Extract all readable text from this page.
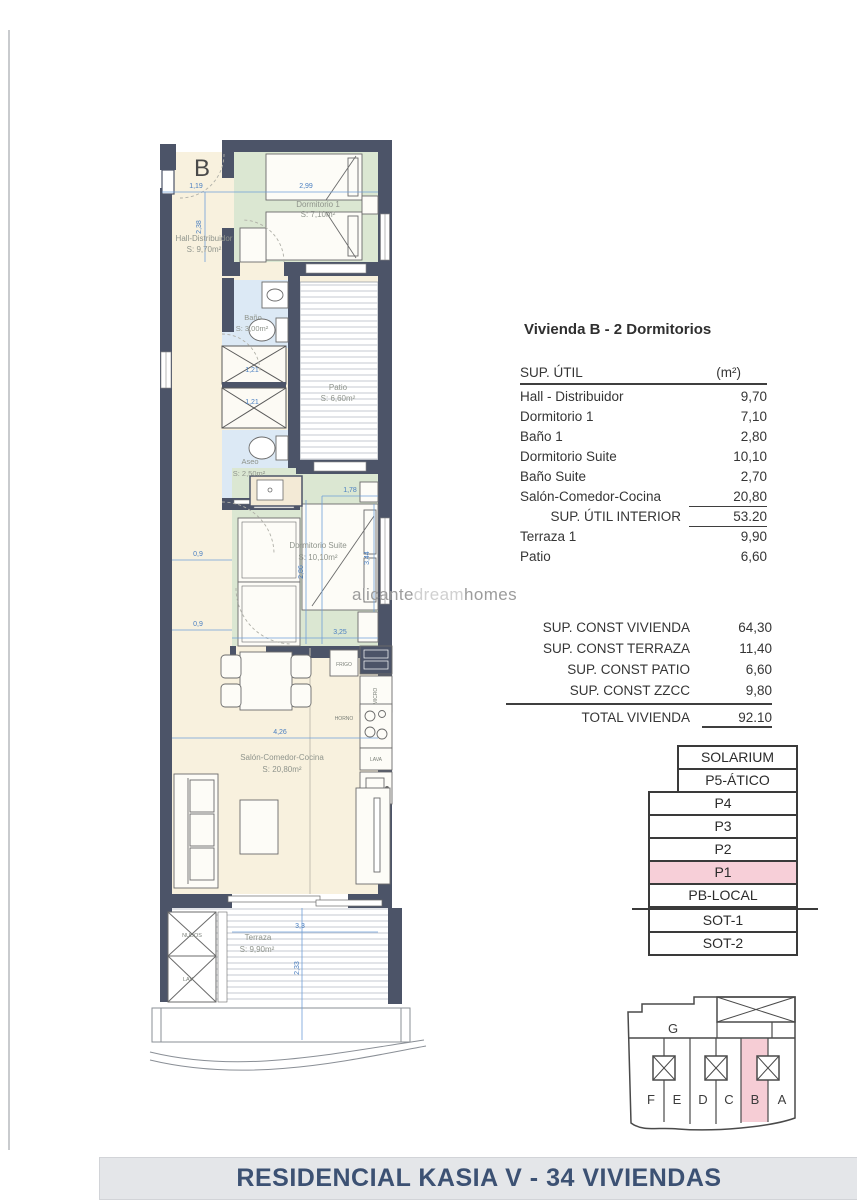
1,19	2,99
2,38
1,21
1,21
1,78
3,44
2,86
3,25
0,9
0,9
4,26
3,3
2,33
B
Hall-Distribuidor
S: 9,70m²
Dormitorio 1
S: 7,10m²
Baño
S: 3,00m²
Patio
S: 6,60m²
Aseo
S: 2,50m²
Dormitorio Suite
S: 10,10m²
Salón-Comedor-Cocina
S: 20,80m²
Terraza
S: 9,90m²
FRIGO
MICRO
HORNO
LAVA
NUDOS
LAV
alicantedreamhomes
Vivienda B - 2 Dormitorios
SUP. ÚTIL	(m²)
Hall - Distribuidor	9,70
Dormitorio 1	7,10
Baño 1	2,80
Dormitorio Suite	10,10
Baño Suite	2,70
Salón-Comedor-Cocina	20,80
SUP. ÚTIL INTERIOR	53.20
Terraza 1	9,90
Patio	6,60
SUP. CONST VIVIENDA	64,30
SUP. CONST TERRAZA	11,40
SUP. CONST PATIO	6,60
SUP. CONST ZZCC	9,80
TOTAL VIVIENDA	92.10
SOLARIUM
P5-ÁTICO
P4
P3
P2
P1
PB-LOCAL
SOT-1
SOT-2
G
F E D C B A
RESIDENCIAL KASIA V - 34 VIVIENDAS
